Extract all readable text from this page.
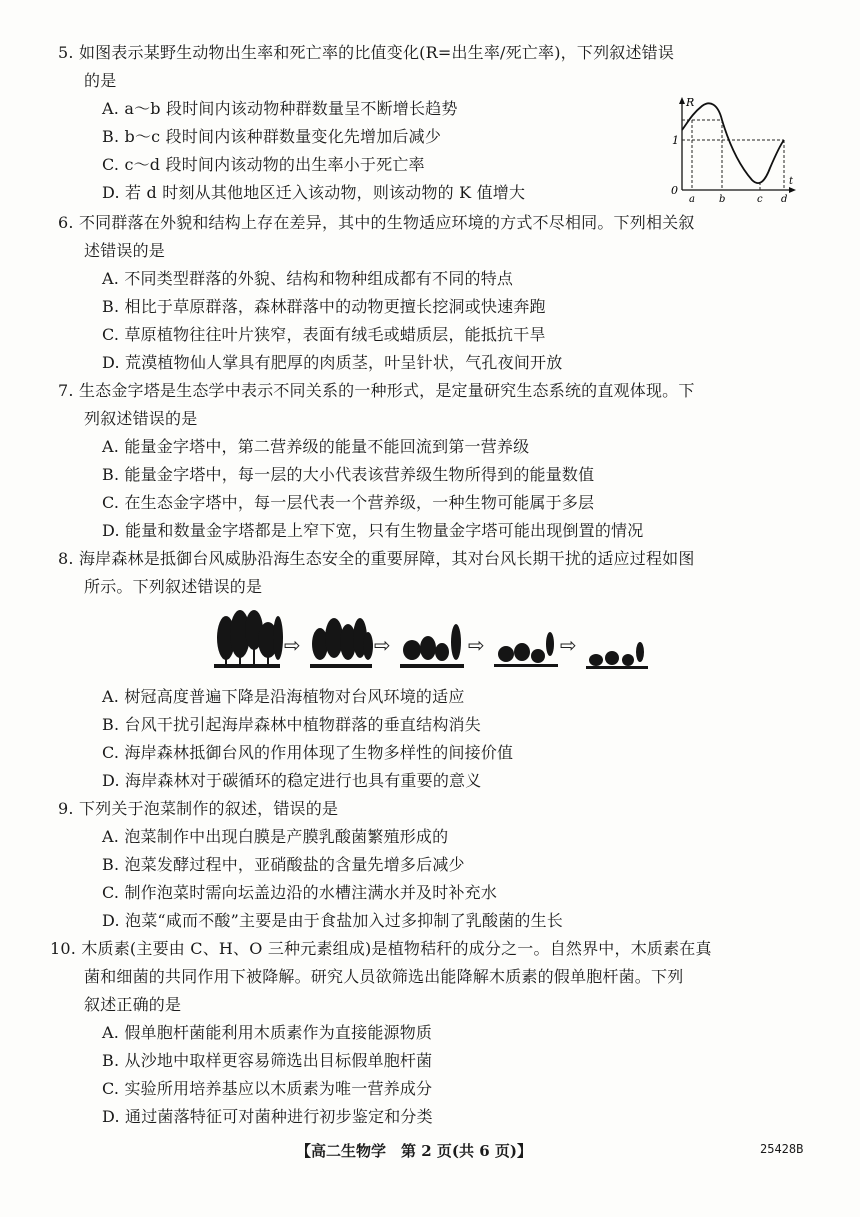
5. 如图表示某野生动物出生率和死亡率的比值变化(R=出生率/死亡率)，下列叙述错误
的是
A. a～b 段时间内该动物种群数量呈不断增长趋势
B. b～c 段时间内该种群数量变化先增加后减少
C. c～d 段时间内该动物的出生率小于死亡率
D. 若 d 时刻从其他地区迁入该动物，则该动物的 K 值增大
R
1
0
a b	c d
t
6. 不同群落在外貌和结构上存在差异，其中的生物适应环境的方式不尽相同。下列相关叙
述错误的是
A. 不同类型群落的外貌、结构和物种组成都有不同的特点
B. 相比于草原群落，森林群落中的动物更擅长挖洞或快速奔跑
C. 草原植物往往叶片狭窄，表面有绒毛或蜡质层，能抵抗干旱
D. 荒漠植物仙人掌具有肥厚的肉质茎，叶呈针状，气孔夜间开放
7. 生态金字塔是生态学中表示不同关系的一种形式，是定量研究生态系统的直观体现。下
列叙述错误的是
A. 能量金字塔中，第二营养级的能量不能回流到第一营养级
B. 能量金字塔中，每一层的大小代表该营养级生物所得到的能量数值
C. 在生态金字塔中，每一层代表一个营养级，一种生物可能属于多层
D. 能量和数量金字塔都是上窄下宽，只有生物量金字塔可能出现倒置的情况
8. 海岸森林是抵御台风威胁沿海生态安全的重要屏障，其对台风长期干扰的适应过程如图
所示。下列叙述错误的是
⇨	⇨	⇨	⇨
A. 树冠高度普遍下降是沿海植物对台风环境的适应
B. 台风干扰引起海岸森林中植物群落的垂直结构消失
C. 海岸森林抵御台风的作用体现了生物多样性的间接价值
D. 海岸森林对于碳循环的稳定进行也具有重要的意义
9. 下列关于泡菜制作的叙述，错误的是
A. 泡菜制作中出现白膜是产膜乳酸菌繁殖形成的
B. 泡菜发酵过程中，亚硝酸盐的含量先增多后减少
C. 制作泡菜时需向坛盖边沿的水槽注满水并及时补充水
D. 泡菜“咸而不酸”主要是由于食盐加入过多抑制了乳酸菌的生长
10. 木质素(主要由 C、H、O 三种元素组成)是植物秸秆的成分之一。自然界中，木质素在真
菌和细菌的共同作用下被降解。研究人员欲筛选出能降解木质素的假单胞杆菌。下列
叙述正确的是
A. 假单胞杆菌能利用木质素作为直接能源物质
B. 从沙地中取样更容易筛选出目标假单胞杆菌
C. 实验所用培养基应以木质素为唯一营养成分
D. 通过菌落特征可对菌种进行初步鉴定和分类
【高二生物学　第 2 页(共 6 页)】	25428B
